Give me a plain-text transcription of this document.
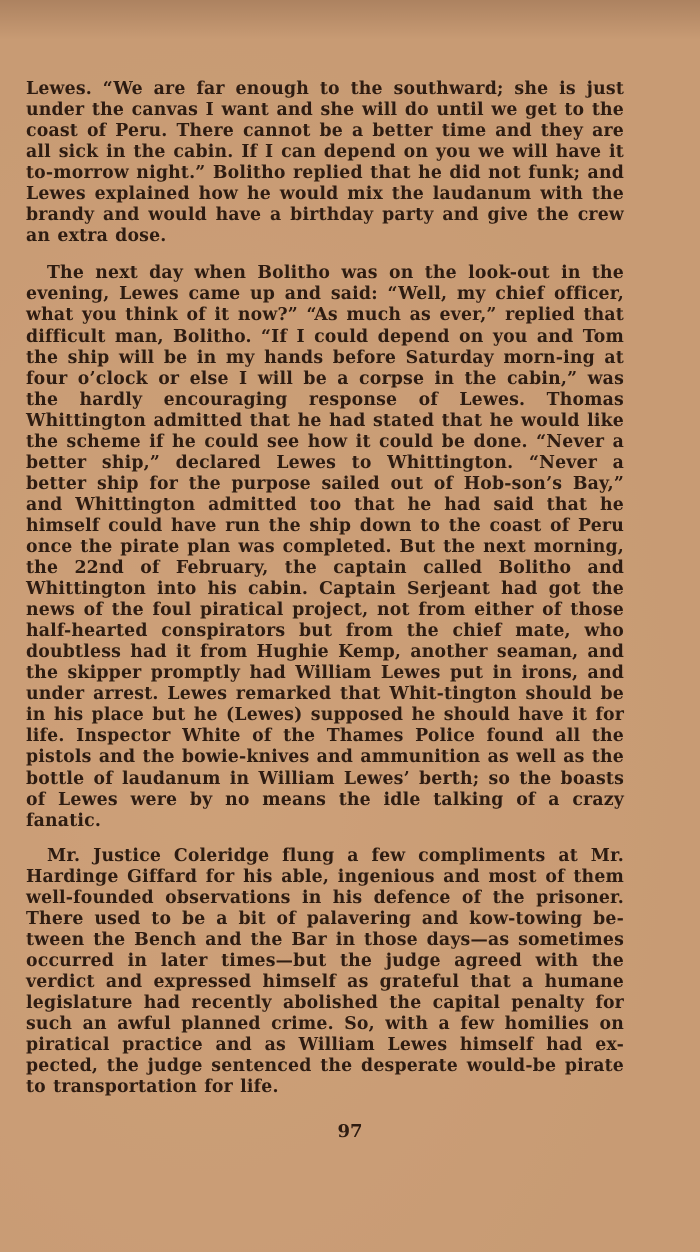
Lewes. “We are far enough to the southward; she is just under the canvas I want and she will do until we get to the coast of Peru. There cannot be a better time and they are all sick in the cabin. If I can depend on you we will have it to-morrow night.” Bolitho replied that he did not funk; and Lewes explained how he would mix the laudanum with the brandy and would have a birthday party and give the crew an extra dose.

The next day when Bolitho was on the look-out in the evening, Lewes came up and said: “Well, my chief officer, what you think of it now?” “As much as ever,” replied that difficult man, Bolitho. “If I could depend on you and Tom the ship will be in my hands before Saturday morn-ing at four o’clock or else I will be a corpse in the cabin,” was the hardly encouraging response of Lewes. Thomas Whittington admitted that he had stated that he would like the scheme if he could see how it could be done. “Never a better ship,” declared Lewes to Whittington. “Never a better ship for the purpose sailed out of Hob-son’s Bay,” and Whittington admitted too that he had said that he himself could have run the ship down to the coast of Peru once the pirate plan was completed. But the next morning, the 22nd of February, the captain called Bolitho and Whittington into his cabin. Captain Serjeant had got the news of the foul piratical project, not from either of those half-hearted conspirators but from the chief mate, who doubtless had it from Hughie Kemp, another seaman, and the skipper promptly had William Lewes put in irons, and under arrest. Lewes remarked that Whit-tington should be in his place but he (Lewes) supposed he should have it for life. Inspector White of the Thames Police found all the pistols and the bowie-knives and ammunition as well as the bottle of laudanum in William Lewes’ berth; so the boasts of Lewes were by no means the idle talking of a crazy fanatic.

Mr. Justice Coleridge flung a few compliments at Mr. Hardinge Giffard for his able, ingenious and most of them well-founded observations in his defence of the prisoner. There used to be a bit of palavering and kow-towing be-tween the Bench and the Bar in those days—as sometimes occurred in later times—but the judge agreed with the verdict and expressed himself as grateful that a humane legislature had recently abolished the capital penalty for such an awful planned crime. So, with a few homilies on piratical practice and as William Lewes himself had ex-pected, the judge sentenced the desperate would-be pirate to transportation for life.

97
